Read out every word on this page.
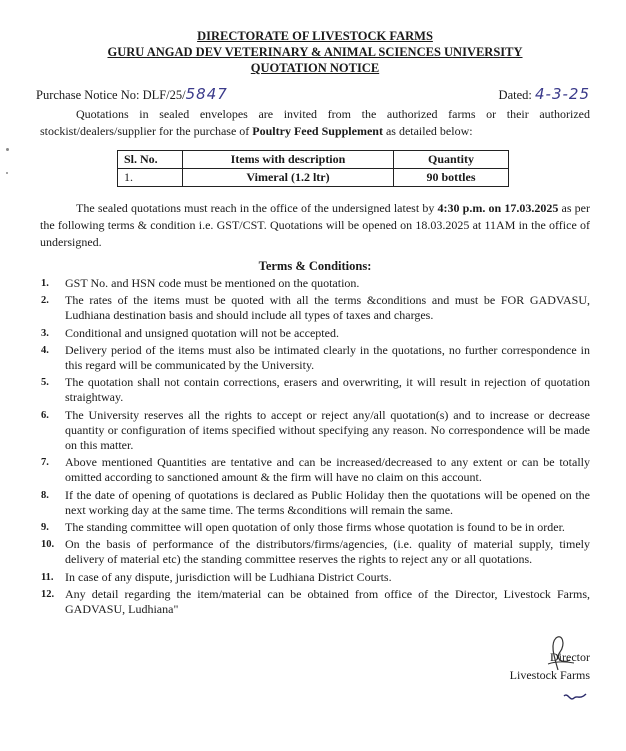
DIRECTORATE OF LIVESTOCK FARMS
GURU ANGAD DEV VETERINARY & ANIMAL SCIENCES UNIVERSITY
QUOTATION NOTICE
Purchase Notice No: DLF/25/5847	Dated: 4-3-25

Quotations in sealed envelopes are invited from the authorized farms or their authorized stockist/dealers/supplier for the purchase of Poultry Feed Supplement as detailed below:

Sl. No.	Items with description	Quantity
1.	Vimeral (1.2 ltr)	90 bottles

The sealed quotations must reach in the office of the undersigned latest by 4:30 p.m. on 17.03.2025 as per the following terms & condition i.e. GST/CST. Quotations will be opened on 18.03.2025 at 11AM in the office of undersigned.

Terms & Conditions:
1. GST No. and HSN code must be mentioned on the quotation.
2. The rates of the items must be quoted with all the terms &conditions and must be FOR GADVASU, Ludhiana destination basis and should include all types of taxes and charges.
3. Conditional and unsigned quotation will not be accepted.
4. Delivery period of the items must also be intimated clearly in the quotations, no further correspondence in this regard will be communicated by the University.
5. The quotation shall not contain corrections, erasers and overwriting, it will result in rejection of quotation straightway.
6. The University reserves all the rights to accept or reject any/all quotation(s) and to increase or decrease quantity or configuration of items specified without specifying any reason. No correspondence will be made on this matter.
7. Above mentioned Quantities are tentative and can be increased/decreased to any extent or can be totally omitted according to sanctioned amount & the firm will have no claim on this account.
8. If the date of opening of quotations is declared as Public Holiday then the quotations will be opened on the next working day at the same time. The terms &conditions will remain the same.
9. The standing committee will open quotation of only those firms whose quotation is found to be in order.
10. On the basis of performance of the distributors/firms/agencies, (i.e. quality of material supply, timely delivery of material etc) the standing committee reserves the rights to reject any or all quotations.
11. In case of any dispute, jurisdiction will be Ludhiana District Courts.
12. Any detail regarding the item/material can be obtained from office of the Director, Livestock Farms, GADVASU, Ludhiana"
Director
Livestock Farms
